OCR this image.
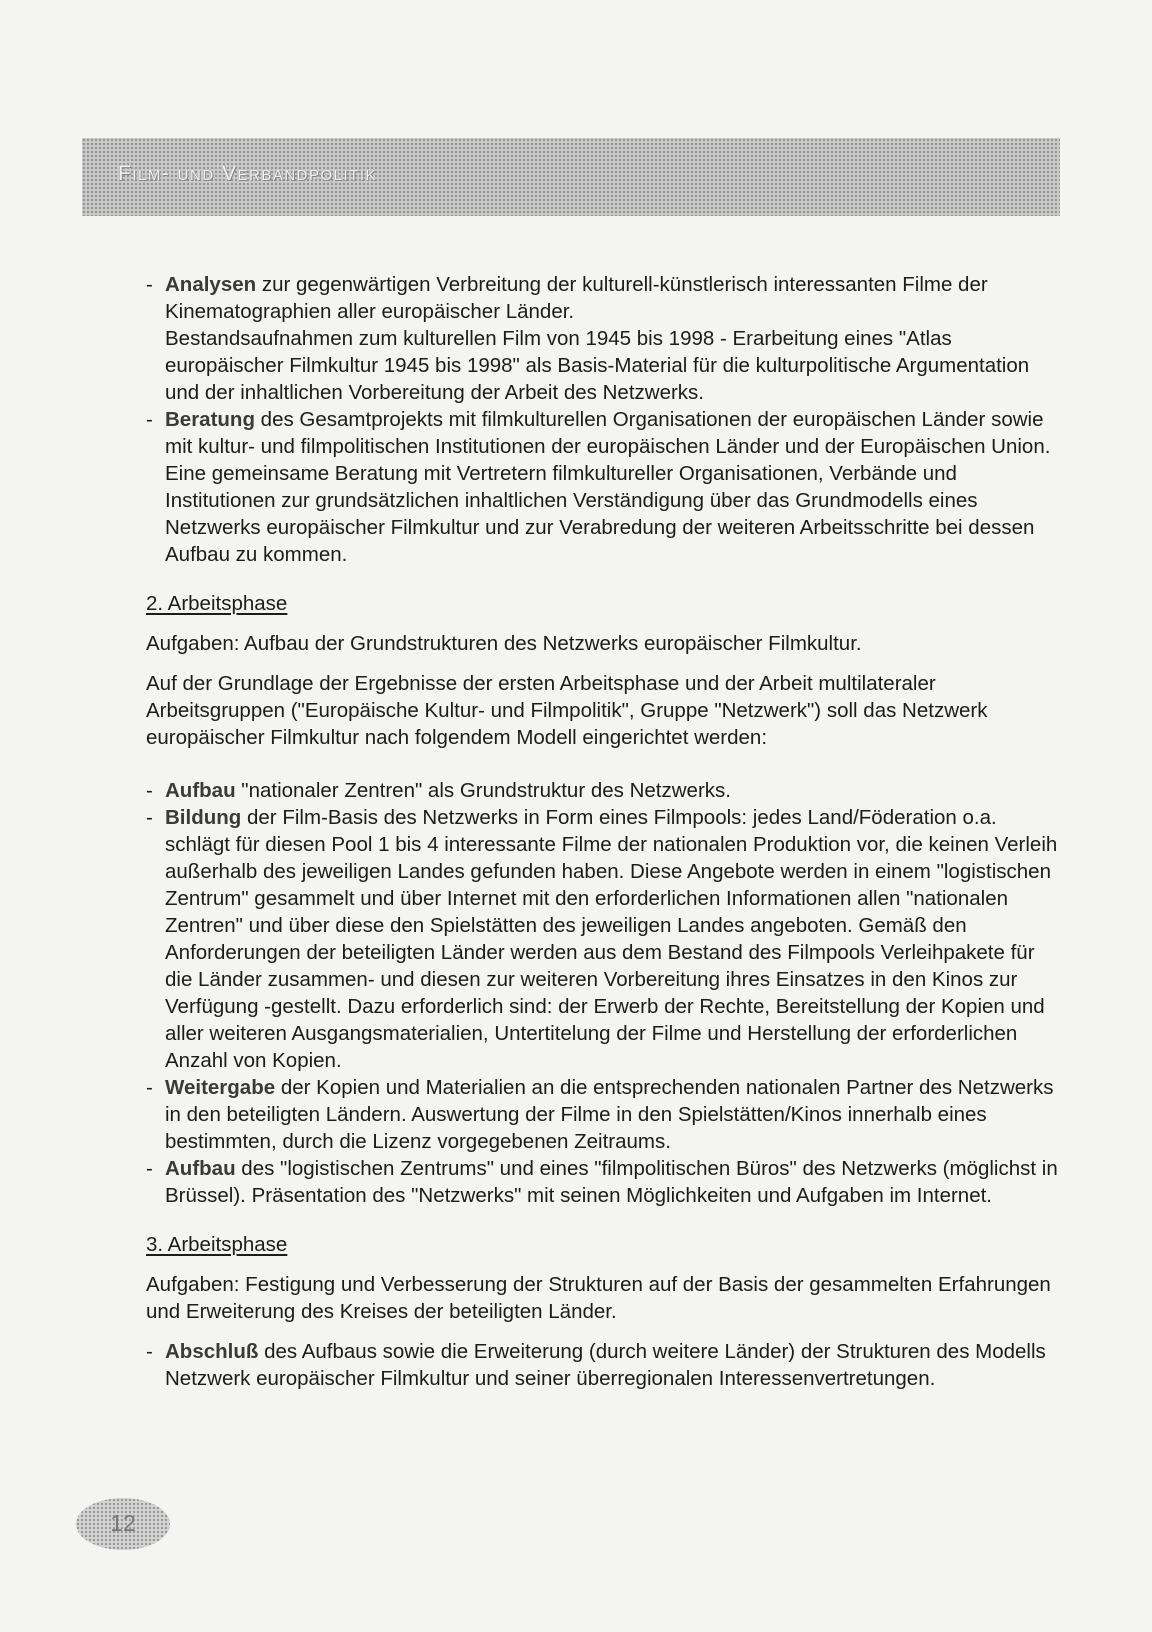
Film- und Verbandpolitik
- Analysen zur gegenwärtigen Verbreitung der kulturell-künstlerisch interessanten Filme der Kinematographien aller europäischer Länder.

Bestandsaufnahmen zum kulturellen Film von 1945 bis 1998 - Erarbeitung eines "Atlas europäischer Filmkultur 1945 bis 1998" als Basis-Material für die kulturpolitische Argumentation und der inhaltlichen Vorbereitung der Arbeit des Netzwerks.

- Beratung des Gesamtprojekts mit filmkulturellen Organisationen der europäischen Länder sowie mit kultur- und filmpolitischen Institutionen der europäischen Länder und der Europäischen Union.

Eine gemeinsame Beratung mit Vertretern filmkultureller Organisationen, Verbände und Institutionen zur grundsätzlichen inhaltlichen Verständigung über das Grundmodells eines Netzwerks europäischer Filmkultur und zur Verabredung der weiteren Arbeitsschritte bei dessen Aufbau zu kommen.

2. Arbeitsphase

Aufgaben: Aufbau der Grundstrukturen des Netzwerks europäischer Filmkultur.

Auf der Grundlage der Ergebnisse der ersten Arbeitsphase und der Arbeit multilateraler Arbeitsgruppen ("Europäische Kultur- und Filmpolitik", Gruppe "Netzwerk") soll das Netzwerk europäischer Filmkultur nach folgendem Modell eingerichtet werden:

- Aufbau "nationaler Zentren" als Grundstruktur des Netzwerks.

- Bildung der Film-Basis des Netzwerks in Form eines Filmpools: jedes Land/Föderation o.a. schlägt für diesen Pool 1 bis 4 interessante Filme der nationalen Produktion vor, die keinen Verleih außerhalb des jeweiligen Landes gefunden haben. Diese Angebote werden in einem "logistischen Zentrum" gesammelt und über Internet mit den erforderlichen Informationen allen "nationalen Zentren" und über diese den Spielstätten des jeweiligen Landes angeboten. Gemäß den Anforderungen der beteiligten Länder werden aus dem Bestand des Filmpools Verleihpakete für die Länder zusammen- und diesen zur weiteren Vorbereitung ihres Einsatzes in den Kinos zur Verfügung -gestellt. Dazu erforderlich sind: der Erwerb der Rechte, Bereitstellung der Kopien und aller weiteren Ausgangsmaterialien, Untertitelung der Filme und Herstellung der erforderlichen Anzahl von Kopien.

- Weitergabe der Kopien und Materialien an die entsprechenden nationalen Partner des Netzwerks in den beteiligten Ländern. Auswertung der Filme in den Spielstätten/Kinos innerhalb eines bestimmten, durch die Lizenz vorgegebenen Zeitraums.

- Aufbau des "logistischen Zentrums" und eines "filmpolitischen Büros" des Netzwerks (möglichst in Brüssel). Präsentation des "Netzwerks" mit seinen Möglichkeiten und Aufgaben im Internet.

3. Arbeitsphase

Aufgaben: Festigung und Verbesserung der Strukturen auf der Basis der gesammelten Erfahrungen und Erweiterung des Kreises der beteiligten Länder.

- Abschluß des Aufbaus sowie die Erweiterung (durch weitere Länder) der Strukturen des Modells Netzwerk europäischer Filmkultur und seiner überregionalen Interessenvertretungen.

12
